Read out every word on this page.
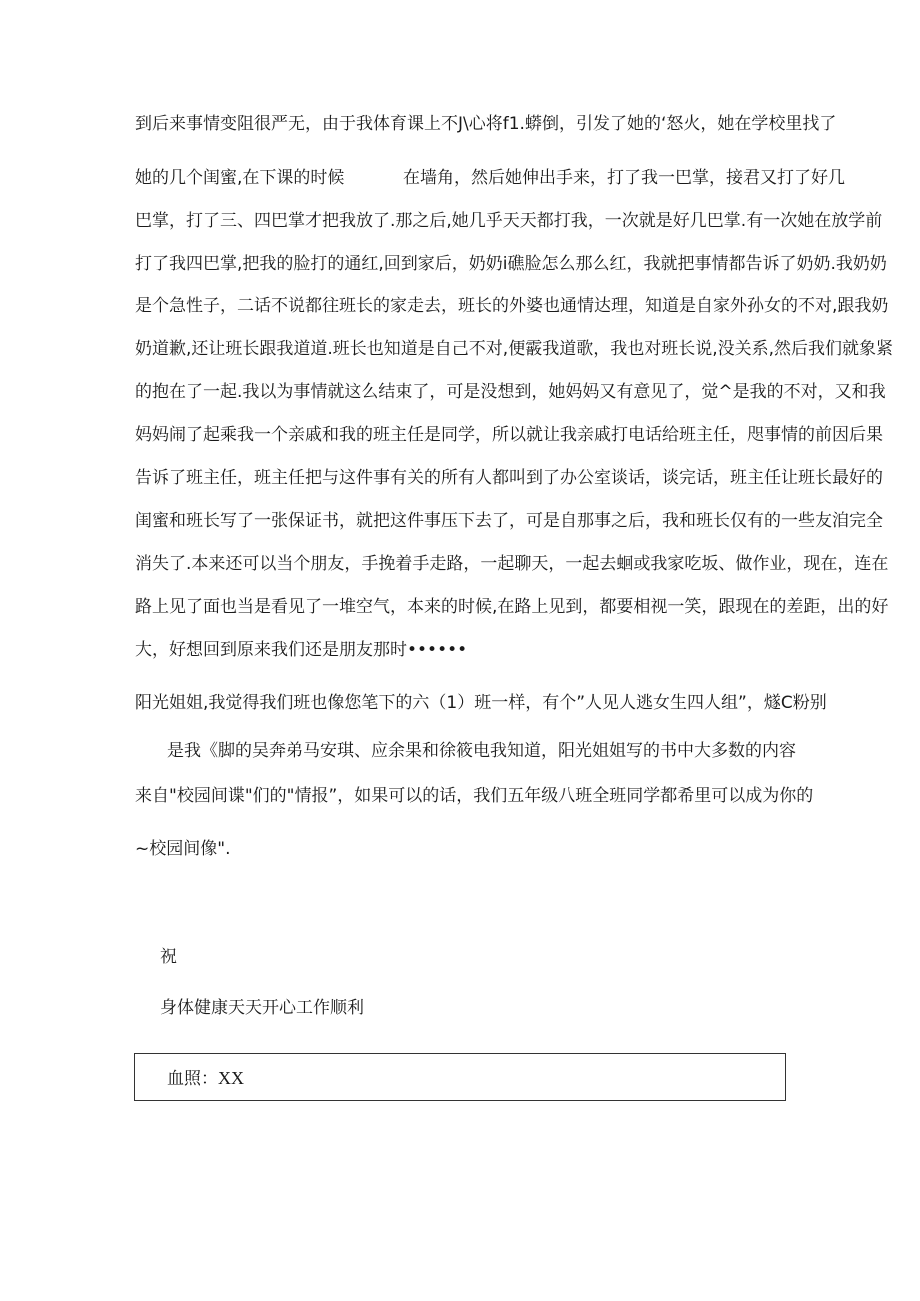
到后来事情变阻很严无，由于我体育课上不J\心将f1.蟒倒，引发了她的‘怒火，她在学校里找了
她的几个闺蜜,在下课的时候	在墙角，然后她伸出手来，打了我一巴掌，接君又打了好几
巴掌，打了三、四巴掌才把我放了.那之后,她几乎天天都打我，一次就是好几巴掌.有一次她在放学前
打了我四巴掌,把我的脸打的通红,回到家后，奶奶i礁脸怎么那么红，我就把事情都告诉了奶奶.我奶奶
是个急性子，二话不说都往班长的家走去，班长的外婆也通情达理，知道是自家外孙女的不对,跟我奶
奶道歉,还让班长跟我道道.班长也知道是自己不对,便霰我道歌，我也对班长说,没关系,然后我们就象紧
的抱在了一起.我以为事情就这么结束了，可是没想到，她妈妈又有意见了，觉^是我的不对，又和我
妈妈闹了起乘我一个亲戚和我的班主任是同学，所以就让我亲戚打电话给班主任，咫事情的前因后果
告诉了班主任，班主任把与这件事有关的所有人都叫到了办公室谈话，谈完话，班主任让班长最好的
闺蜜和班长写了一张保证书，就把这件事压下去了，可是自那事之后，我和班长仅有的一些友洎完全
消失了.本来还可以当个朋友，手挽着手走路，一起聊天，一起去蛔或我家吃坂、做作业，现在，连在
路上见了面也当是看见了一堆空气，本来的时候,在路上见到，都要相视一笑，跟现在的差距，出的好
大，好想回到原来我们还是朋友那时••••••
阳光姐姐,我觉得我们班也像您笔下的六（1）班一样，有个”人见人逃女生四人组”，燧C粉别
是我《脚的吴奔弟马安琪、应余果和徐筱电我知道，阳光姐姐写的书中大多数的内容
来自"校园间谍"们的"情报”，如果可以的话，我们五年级八班全班同学都希里可以成为你的
~校园间像".
祝
身体健康天天开心工作顺利
血照：XX
